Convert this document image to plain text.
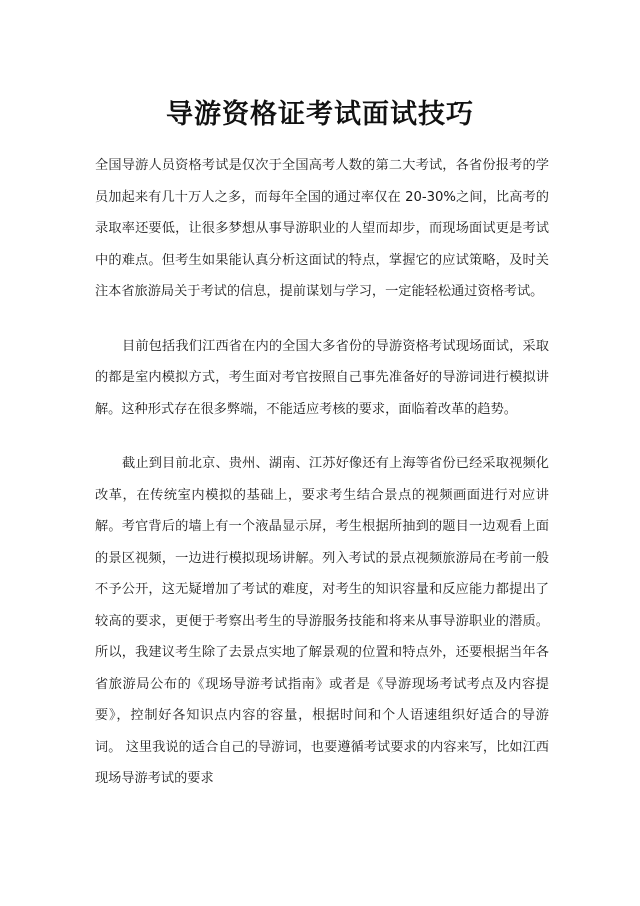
导游资格证考试面试技巧

全国导游人员资格考试是仅次于全国高考人数的第二大考试，各省份报考的学员加起来有几十万人之多，而每年全国的通过率仅在 20-30%之间，比高考的录取率还要低，让很多梦想从事导游职业的人望而却步，而现场面试更是考试中的难点。但考生如果能认真分析这面试的特点，掌握它的应试策略，及时关注本省旅游局关于考试的信息，提前谋划与学习，一定能轻松通过资格考试。

目前包括我们江西省在内的全国大多省份的导游资格考试现场面试，采取的都是室内模拟方式，考生面对考官按照自己事先准备好的导游词进行模拟讲解。这种形式存在很多弊端，不能适应考核的要求，面临着改革的趋势。

截止到目前北京、贵州、湖南、江苏好像还有上海等省份已经采取视频化改革，在传统室内模拟的基础上，要求考生结合景点的视频画面进行对应讲解。考官背后的墙上有一个液晶显示屏，考生根据所抽到的题目一边观看上面的景区视频，一边进行模拟现场讲解。列入考试的景点视频旅游局在考前一般不予公开，这无疑增加了考试的难度，对考生的知识容量和反应能力都提出了较高的要求，更便于考察出考生的导游服务技能和将来从事导游职业的潜质。所以，我建议考生除了去景点实地了解景观的位置和特点外，还要根据当年各省旅游局公布的《现场导游考试指南》或者是《导游现场考试考点及内容提要》，控制好各知识点内容的容量，根据时间和个人语速组织好适合的导游词。 这里我说的适合自己的导游词，也要遵循考试要求的内容来写，比如江西现场导游考试的要求
